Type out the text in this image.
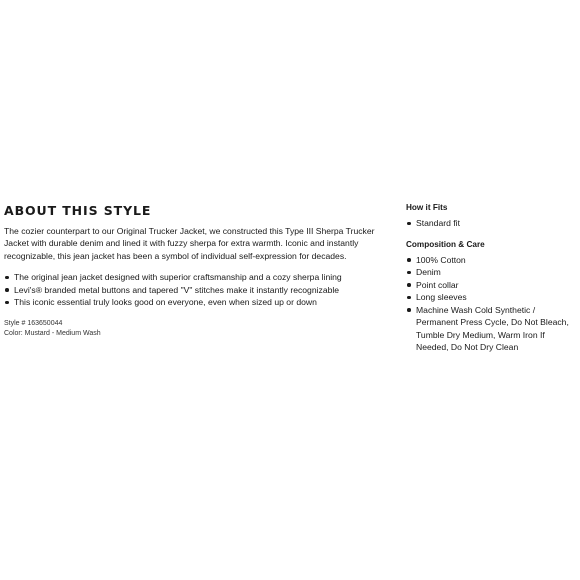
ABOUT THIS STYLE

The cozier counterpart to our Original Trucker Jacket, we constructed this Type III Sherpa Trucker Jacket with durable denim and lined it with fuzzy sherpa for extra warmth. Iconic and instantly recognizable, this jean jacket has been a symbol of individual self-expression for decades.

The original jean jacket designed with superior craftsmanship and a cozy sherpa lining
Levi's® branded metal buttons and tapered "V" stitches make it instantly recognizable
This iconic essential truly looks good on everyone, even when sized up or down
Style # 163650044
Color: Mustard - Medium Wash
How it Fits
Standard fit
Composition & Care
100% Cotton
Denim
Point collar
Long sleeves
Machine Wash Cold Synthetic / Permanent Press Cycle, Do Not Bleach, Tumble Dry Medium, Warm Iron If Needed, Do Not Dry Clean
